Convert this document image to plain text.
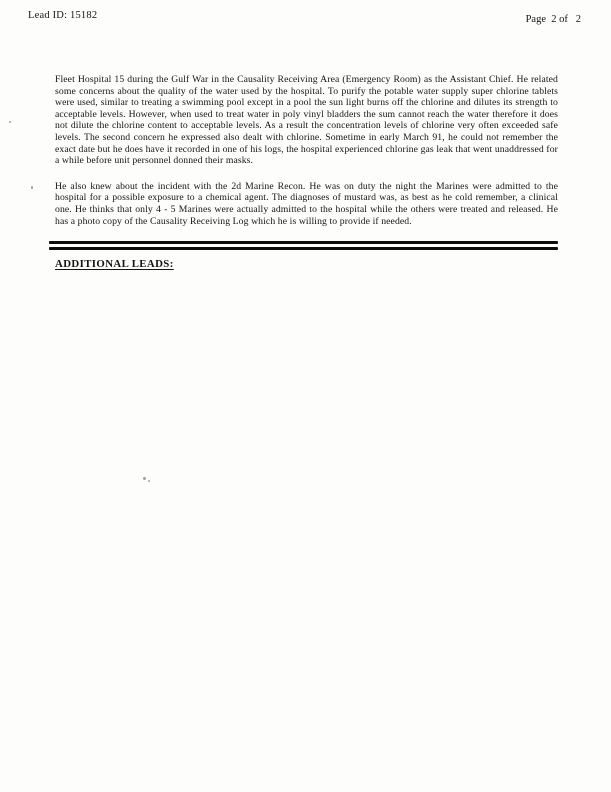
Lead ID: 15182	Page  2 of   2

Fleet Hospital 15 during the Gulf War in the Causality Receiving Area (Emergency Room) as the Assistant Chief. He related some concerns about the quality of the water used by the hospital. To purify the potable water supply super chlorine tablets were used, similar to treating a swimming pool except in a pool the sun light burns off the chlorine and dilutes its strength to acceptable levels. However, when used to treat water in poly vinyl bladders the sum cannot reach the water therefore it does not dilute the chlorine content to acceptable levels. As a result the concentration levels of chlorine very often exceeded safe levels. The second concern he expressed also dealt with chlorine. Sometime in early March 91, he could not remember the exact date but he does have it recorded in one of his logs, the hospital experienced chlorine gas leak that went unaddressed for a while before unit personnel donned their masks.

He also knew about the incident with the 2d Marine Recon. He was on duty the night the Marines were admitted to the hospital for a possible exposure to a chemical agent. The diagnoses of mustard was, as best as he cold remember, a clinical one. He thinks that only 4 - 5 Marines were actually admitted to the hospital while the others were treated and released. He has a photo copy of the Causality Receiving Log which he is willing to provide if needed.

ADDITIONAL LEADS:
